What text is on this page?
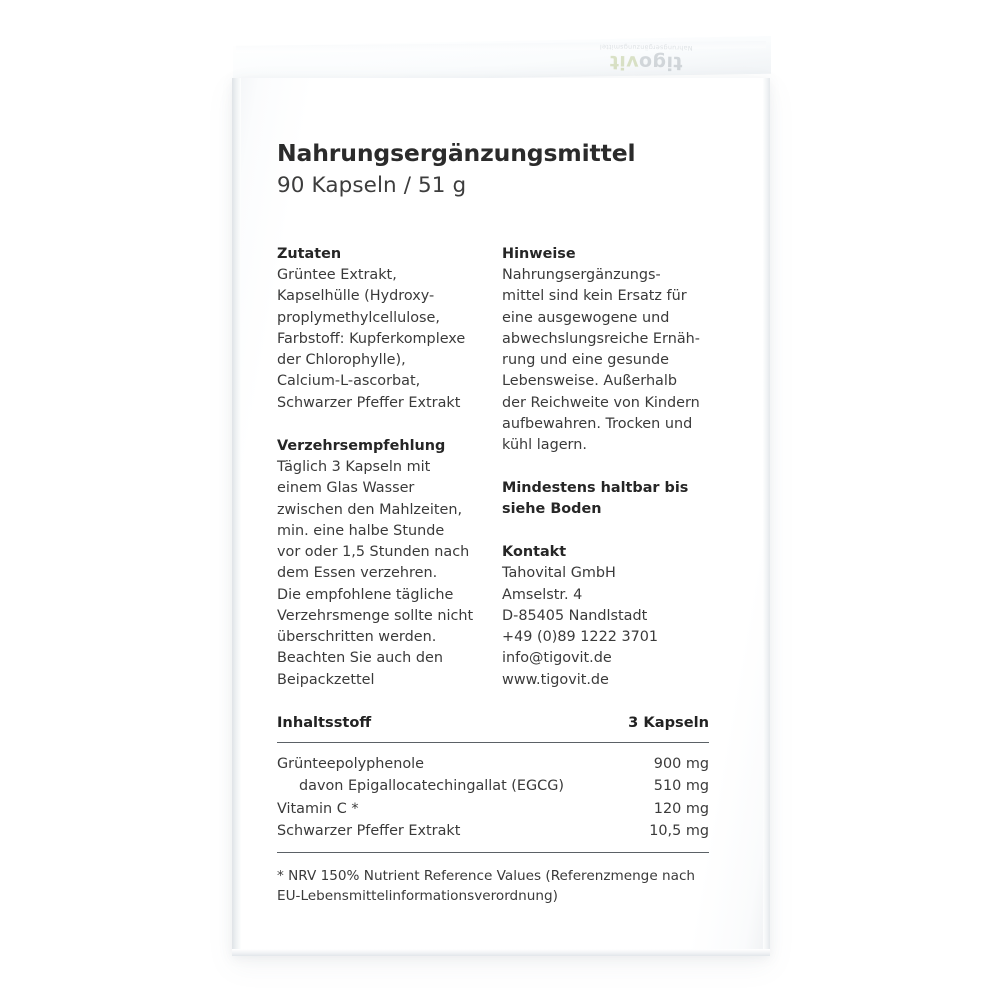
tigovit
Nahrungsergänzungsmittel
Nahrungsergänzungsmittel
90 Kapseln / 51 g
Zutaten
Grüntee Extrakt,
Kapselhülle (Hydroxy-
proplymethylcellulose,
Farbstoff: Kupferkomplexe
der Chlorophylle),
Calcium-L-ascorbat,
Schwarzer Pfeffer Extrakt
Verzehrsempfehlung
Täglich 3 Kapseln mit
einem Glas Wasser
zwischen den Mahlzeiten,
min. eine halbe Stunde
vor oder 1,5 Stunden nach
dem Essen verzehren.
Die empfohlene tägliche
Verzehrsmenge sollte nicht
überschritten werden.
Beachten Sie auch den
Beipackzettel
Hinweise
Nahrungsergänzungs-
mittel sind kein Ersatz für
eine ausgewogene und
abwechslungsreiche Ernäh-
rung und eine gesunde
Lebensweise. Außerhalb
der Reichweite von Kindern
aufbewahren. Trocken und
kühl lagern.
Mindestens haltbar bis
siehe Boden
Kontakt
Tahovital GmbH
Amselstr. 4
D-85405 Nandlstadt
+49 (0)89 1222 3701
info@tigovit.de
www.tigovit.de
Inhaltsstoff	3 Kapseln
Grünteepolyphenole	900 mg
davon Epigallocatechingallat (EGCG)	510 mg
Vitamin C *	120 mg
Schwarzer Pfeffer Extrakt	10,5 mg
* NRV 150% Nutrient Reference Values (Referenzmenge nach
EU-Lebensmittelinformationsverordnung)
